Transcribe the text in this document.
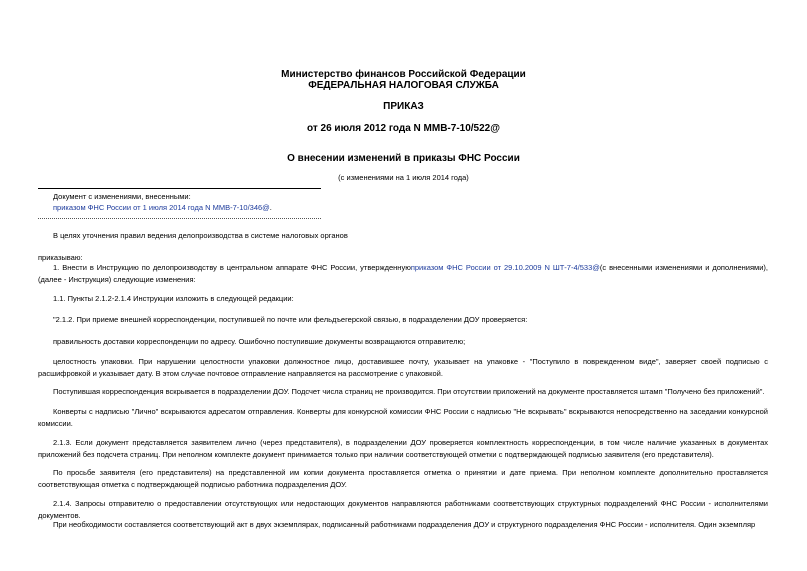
Министерство финансов Российской Федерации
ФЕДЕРАЛЬНАЯ НАЛОГОВАЯ СЛУЖБА
ПРИКАЗ
от 26 июля 2012 года N ММВ-7-10/522@
О внесении изменений в приказы ФНС России
(с изменениями на 1 июля 2014 года)
Документ с изменениями, внесенными:
приказом ФНС России от 1 июля 2014 года N ММВ-7-10/346@.
В целях уточнения правил ведения делопроизводства в системе налоговых органов
приказываю:
1. Внести в Инструкцию по делопроизводству в центральном аппарате ФНС России, утвержденнуюприказом ФНС России от 29.10.2009 N ШТ-7-4/533@(с внесенными изменениями и дополнениями), (далее - Инструкция) следующие изменения:
1.1. Пункты 2.1.2-2.1.4 Инструкции изложить в следующей редакции:
"2.1.2. При приеме внешней корреспонденции, поступившей по почте или фельдъегерской связью, в подразделении ДОУ проверяется:
правильность доставки корреспонденции по адресу. Ошибочно поступившие документы возвращаются отправителю;
целостность упаковки. При нарушении целостности упаковки должностное лицо, доставившее почту, указывает на упаковке - "Поступило в поврежденном виде", заверяет своей подписью с расшифровкой и указывает дату. В этом случае почтовое отправление направляется на рассмотрение с упаковкой.
Поступившая корреспонденция вскрывается в подразделении ДОУ. Подсчет числа страниц не производится. При отсутствии приложений на документе проставляется штамп "Получено без приложений".
Конверты с надписью "Лично" вскрываются адресатом отправления. Конверты для конкурсной комиссии ФНС России с надписью "Не вскрывать" вскрываются непосредственно на заседании конкурсной комиссии.
2.1.3. Если документ представляется заявителем лично (через представителя), в подразделении ДОУ проверяется комплектность корреспонденции, в том числе наличие указанных в документах приложений без подсчета страниц. При неполном комплекте документ принимается только при наличии соответствующей отметки с подтверждающей подписью заявителя (его представителя).
По просьбе заявителя (его представителя) на представленной им копии документа проставляется отметка о принятии и дате приема. При неполном комплекте дополнительно проставляется соответствующая отметка с подтверждающей подписью работника подразделения ДОУ.
2.1.4. Запросы отправителю о предоставлении отсутствующих или недостающих документов направляются работниками соответствующих структурных подразделений ФНС России - исполнителями документов.
При необходимости составляется соответствующий акт в двух экземплярах, подписанный работниками подразделения ДОУ и структурного подразделения ФНС России - исполнителя. Один экземпляр
